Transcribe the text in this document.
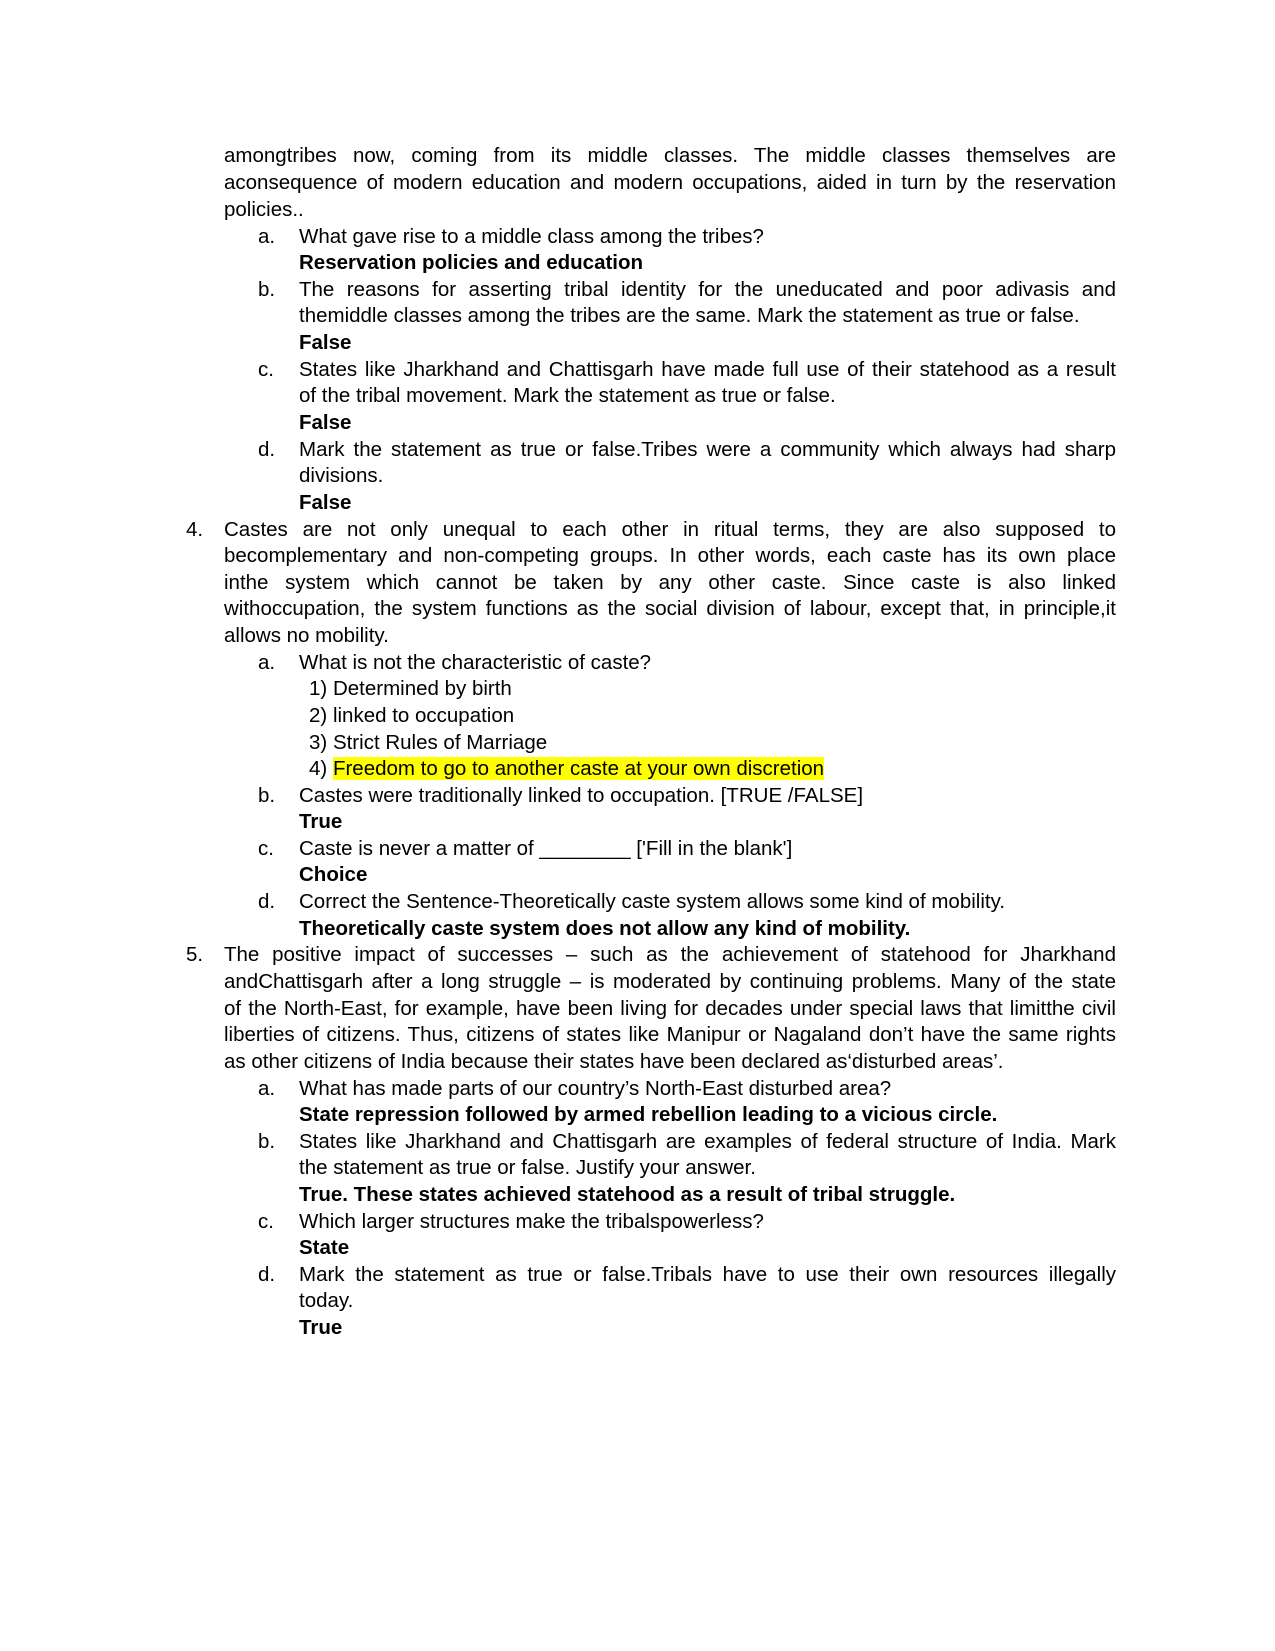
amongtribes now, coming from its middle classes. The middle classes themselves are
aconsequence of modern education and modern occupations, aided in turn by the reservation
policies..
a.	What gave rise to a middle class among the tribes?
Reservation policies and education
b.	The reasons for asserting tribal identity for the uneducated and poor adivasis and
themiddle classes among the tribes are the same. Mark the statement as true or false.
False
c.	States like Jharkhand and Chattisgarh have made full use of their statehood as a result
of the tribal movement. Mark the statement as true or false.
False
d.	Mark the statement as true or false.Tribes were a community which always had sharp
divisions.
False
4.	Castes are not only unequal to each other in ritual terms, they are also supposed to
becomplementary and non-competing groups. In other words, each caste has its own place
inthe system which cannot be taken by any other caste. Since caste is also linked
withoccupation, the system functions as the social division of labour, except that, in principle,it
allows no mobility.
a.	What is not the characteristic of caste?
1) Determined by birth
2) linked to occupation
3) Strict Rules of Marriage
4) Freedom to go to another caste at your own discretion
b.	Castes were traditionally linked to occupation. [TRUE /FALSE]
True
c.	Caste is never a matter of ________ ['Fill in the blank']
Choice
d.	Correct the Sentence-Theoretically caste system allows some kind of mobility.
Theoretically caste system does not allow any kind of mobility.
5.	The positive impact of successes – such as the achievement of statehood for Jharkhand
andChattisgarh after a long struggle – is moderated by continuing problems. Many of the state
of the North-East, for example, have been living for decades under special laws that limitthe civil
liberties of citizens. Thus, citizens of states like Manipur or Nagaland don’t have the same rights
as other citizens of India because their states have been declared as‘disturbed areas’.
a.	What has made parts of our country’s North-East disturbed area?
State repression followed by armed rebellion leading to a vicious circle.
b.	States like Jharkhand and Chattisgarh are examples of federal structure of India. Mark
the statement as true or false. Justify your answer.
True. These states achieved statehood as a result of tribal struggle.
c.	Which larger structures make the tribalspowerless?
State
d.	Mark the statement as true or false.Tribals have to use their own resources illegally
today.
True
